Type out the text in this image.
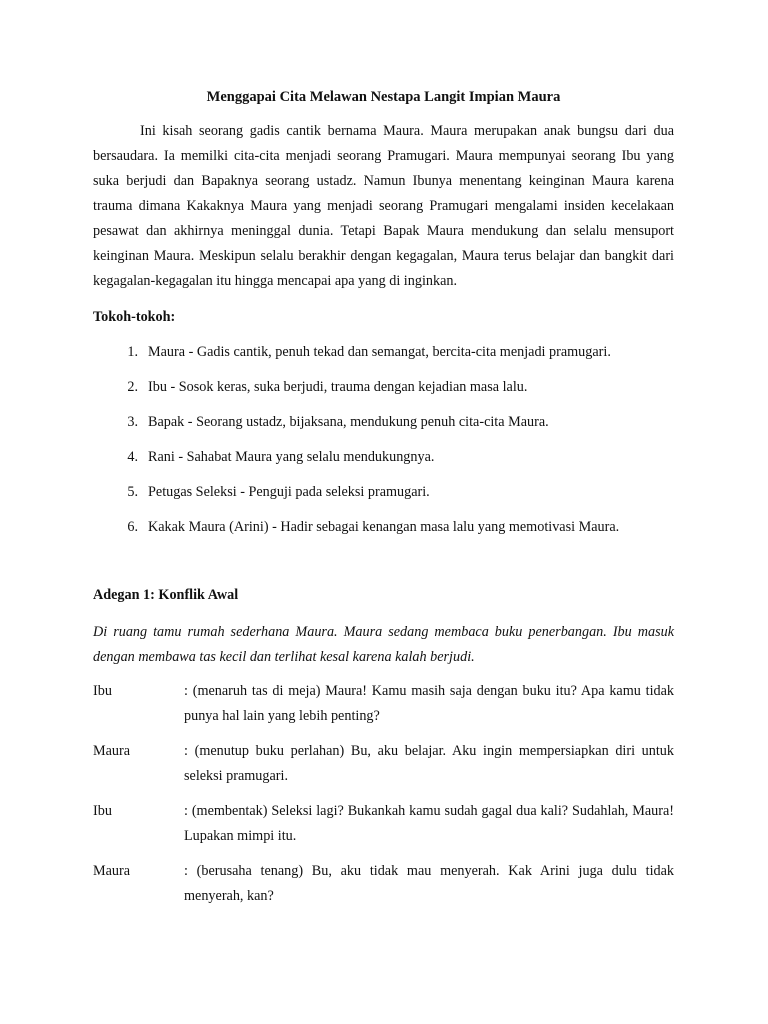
Menggapai Cita Melawan Nestapa Langit Impian Maura

Ini kisah seorang gadis cantik bernama Maura. Maura merupakan anak bungsu dari dua bersaudara. Ia memilki cita-cita menjadi seorang Pramugari. Maura mempunyai seorang Ibu yang suka berjudi dan Bapaknya seorang ustadz. Namun Ibunya menentang keinginan Maura karena trauma dimana Kakaknya Maura yang menjadi seorang Pramugari mengalami insiden kecelakaan pesawat dan akhirnya meninggal dunia. Tetapi Bapak Maura mendukung dan selalu mensuport keinginan Maura. Meskipun selalu berakhir dengan kegagalan, Maura terus belajar dan bangkit dari kegagalan-kegagalan itu hingga mencapai apa yang di inginkan.

Tokoh-tokoh:
1. Maura - Gadis cantik, penuh tekad dan semangat, bercita-cita menjadi pramugari.
2. Ibu - Sosok keras, suka berjudi, trauma dengan kejadian masa lalu.
3. Bapak - Seorang ustadz, bijaksana, mendukung penuh cita-cita Maura.
4. Rani - Sahabat Maura yang selalu mendukungnya.
5. Petugas Seleksi - Penguji pada seleksi pramugari.
6. Kakak Maura (Arini) - Hadir sebagai kenangan masa lalu yang memotivasi Maura.
Adegan 1: Konflik Awal

Di ruang tamu rumah sederhana Maura. Maura sedang membaca buku penerbangan. Ibu masuk dengan membawa tas kecil dan terlihat kesal karena kalah berjudi.

Ibu	: (menaruh tas di meja) Maura! Kamu masih saja dengan buku itu? Apa kamu tidak punya hal lain yang lebih penting?
Maura	: (menutup buku perlahan) Bu, aku belajar. Aku ingin mempersiapkan diri untuk seleksi pramugari.
Ibu	: (membentak) Seleksi lagi? Bukankah kamu sudah gagal dua kali? Sudahlah, Maura! Lupakan mimpi itu.
Maura	: (berusaha tenang) Bu, aku tidak mau menyerah. Kak Arini juga dulu tidak menyerah, kan?
